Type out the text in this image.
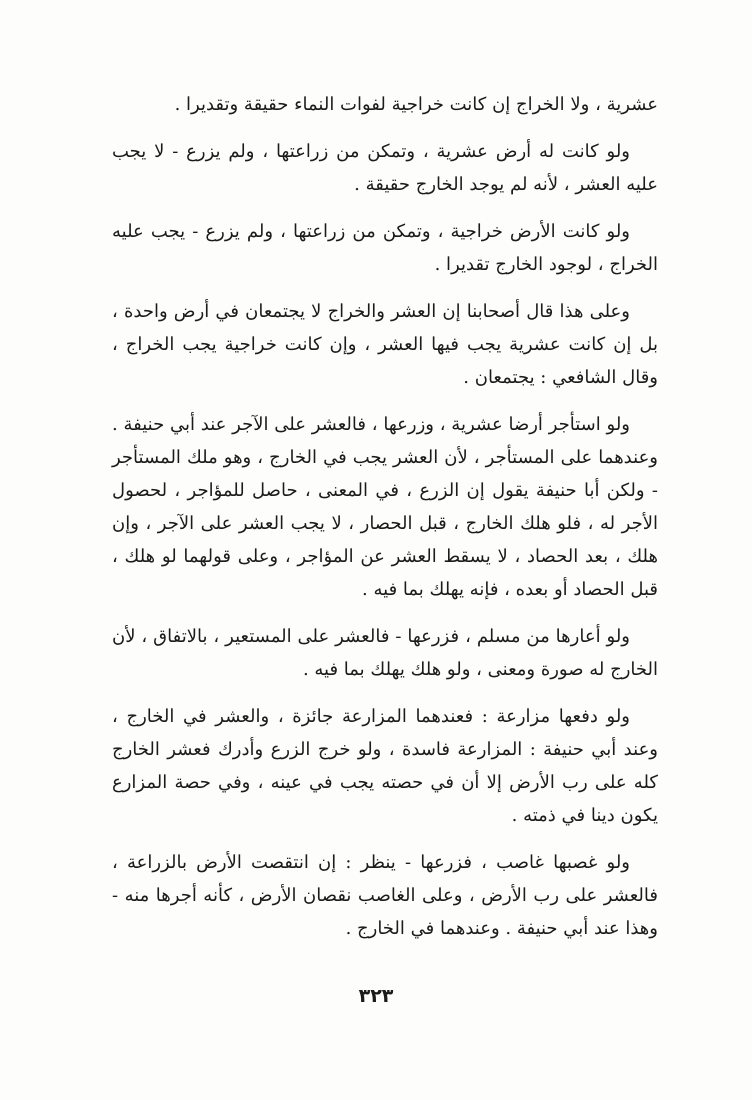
عشرية ، ولا الخراج إن كانت خراجية لفوات النماء حقيقة وتقديرا .

ولو كانت له أرض عشرية ، وتمكن من زراعتها ، ولم يزرع - لا يجب عليه العشر ، لأنه لم يوجد الخارج حقيقة .

ولو كانت الأرض خراجية ، وتمكن من زراعتها ، ولم يزرع - يجب عليه الخراج ، لوجود الخارج تقديرا .

وعلى هذا قال أصحابنا إن العشر والخراج لا يجتمعان في أرض واحدة ، بل إن كانت عشرية يجب فيها العشر ، وإن كانت خراجية يجب الخراج ، وقال الشافعي : يجتمعان .

ولو استأجر أرضا عشرية ، وزرعها ، فالعشر على الآجر عند أبي حنيفة . وعندهما على المستأجر ، لأن العشر يجب في الخارج ، وهو ملك المستأجر - ولكن أبا حنيفة يقول إن الزرع ، في المعنى ، حاصل للمؤاجر ، لحصول الأجر له ، فلو هلك الخارج ، قبل الحصار ، لا يجب العشر على الآجر ، وإن هلك ، بعد الحصاد ، لا يسقط العشر عن المؤاجر ، وعلى قولهما لو هلك ، قبل الحصاد أو بعده ، فإنه يهلك بما فيه .

ولو أعارها من مسلم ، فزرعها - فالعشر على المستعير ، بالاتفاق ، لأن الخارج له صورة ومعنى ، ولو هلك يهلك بما فيه .

ولو دفعها مزارعة : فعندهما المزارعة جائزة ، والعشر في الخارج ، وعند أبي حنيفة : المزارعة فاسدة ، ولو خرج الزرع وأدرك فعشر الخارج كله على رب الأرض إلا أن في حصته يجب في عينه ، وفي حصة المزارع يكون دينا في ذمته .

ولو غصبها غاصب ، فزرعها - ينظر : إن انتقصت الأرض بالزراعة ، فالعشر على رب الأرض ، وعلى الغاصب نقصان الأرض ، كأنه أجرها منه - وهذا عند أبي حنيفة . وعندهما في الخارج .

٣٢٣
